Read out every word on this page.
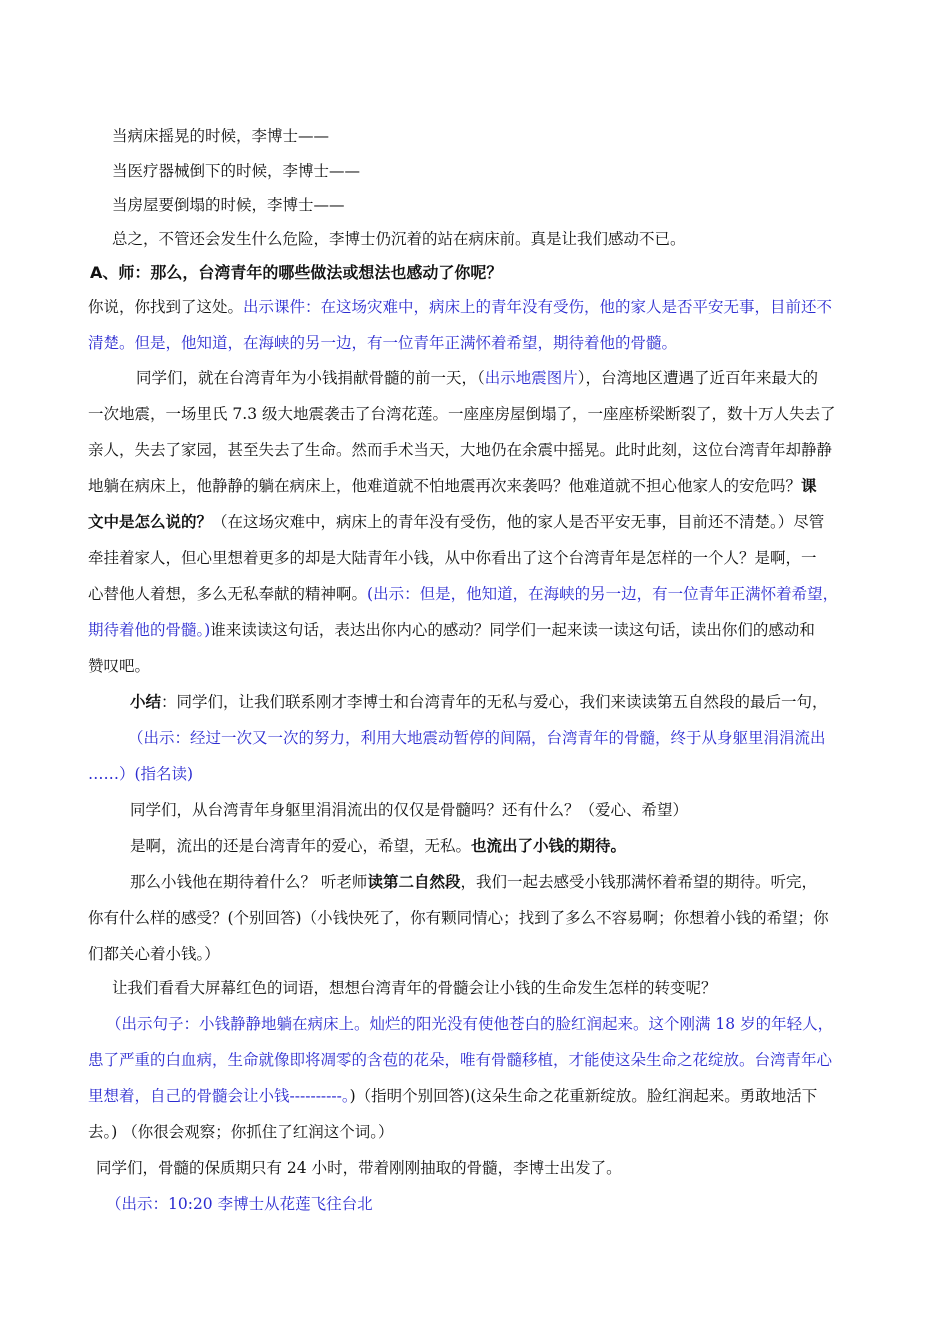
当病床摇晃的时候，李博士——
当医疗器械倒下的时候，李博士——
当房屋要倒塌的时候，李博士——
总之，不管还会发生什么危险，李博士仍沉着的站在病床前。真是让我们感动不已。
A、师：那么，台湾青年的哪些做法或想法也感动了你呢？
你说，你找到了这处。出示课件：在这场灾难中，病床上的青年没有受伤，他的家人是否平安无事，目前还不
清楚。但是，他知道，在海峡的另一边，有一位青年正满怀着希望，期待着他的骨髓。
同学们，就在台湾青年为小钱捐献骨髓的前一天，（出示地震图片），台湾地区遭遇了近百年来最大的
一次地震，一场里氏 7.3 级大地震袭击了台湾花莲。一座座房屋倒塌了，一座座桥梁断裂了，数十万人失去了
亲人，失去了家园，甚至失去了生命。然而手术当天，大地仍在余震中摇晃。此时此刻，这位台湾青年却静静
地躺在病床上，他静静的躺在病床上，他难道就不怕地震再次来袭吗？他难道就不担心他家人的安危吗？课
文中是怎么说的？（在这场灾难中，病床上的青年没有受伤，他的家人是否平安无事，目前还不清楚。）尽管
牵挂着家人，但心里想着更多的却是大陆青年小钱，从中你看出了这个台湾青年是怎样的一个人？是啊，一
心替他人着想，多么无私奉献的精神啊。(出示：但是，他知道，在海峡的另一边，有一位青年正满怀着希望，
期待着他的骨髓。)谁来读读这句话，表达出你内心的感动？同学们一起来读一读这句话，读出你们的感动和
赞叹吧。
小结：同学们，让我们联系刚才李博士和台湾青年的无私与爱心，我们来读读第五自然段的最后一句，
（出示：经过一次又一次的努力，利用大地震动暂停的间隔，台湾青年的骨髓，终于从身躯里涓涓流出
……）(指名读)
同学们，从台湾青年身躯里涓涓流出的仅仅是骨髓吗？还有什么？（爱心、希望）
是啊，流出的还是台湾青年的爱心，希望，无私。也流出了小钱的期待。
那么小钱他在期待着什么？ 听老师读第二自然段，我们一起去感受小钱那满怀着希望的期待。听完，
你有什么样的感受？(个别回答)（小钱快死了，你有颗同情心；找到了多么不容易啊；你想着小钱的希望；你
们都关心着小钱。）
让我们看看大屏幕红色的词语，想想台湾青年的骨髓会让小钱的生命发生怎样的转变呢？
（出示句子：小钱静静地躺在病床上。灿烂的阳光没有使他苍白的脸红润起来。这个刚满 18 岁的年轻人，
患了严重的白血病，生命就像即将凋零的含苞的花朵，唯有骨髓移植，才能使这朵生命之花绽放。台湾青年心
里想着，自己的骨髓会让小钱----------。)（指明个别回答)(这朵生命之花重新绽放。脸红润起来。勇敢地活下
去。) （你很会观察；你抓住了红润这个词。）
同学们，骨髓的保质期只有 24 小时，带着刚刚抽取的骨髓，李博士出发了。
（出示：10:20 李博士从花莲飞往台北
